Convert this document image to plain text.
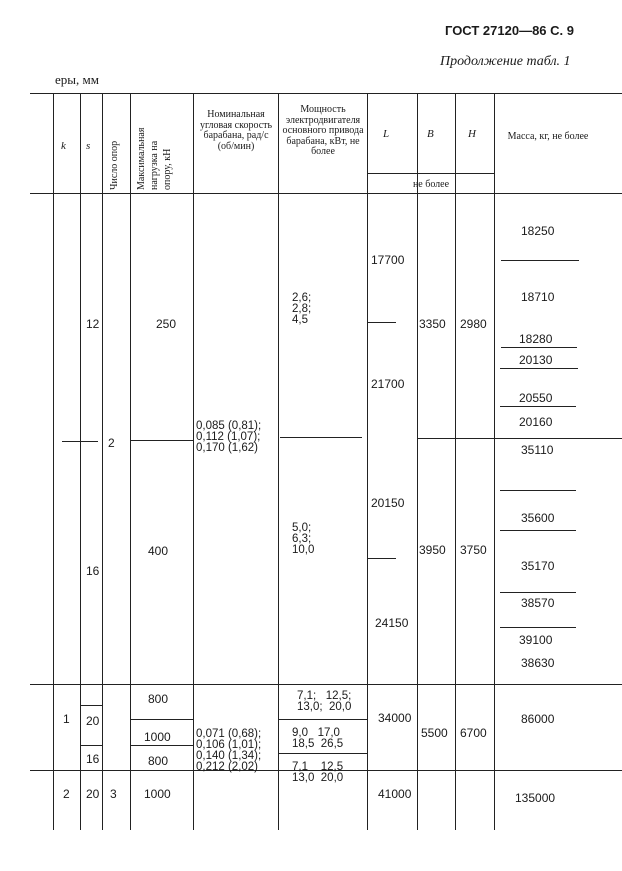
ГОСТ 27120—86 С. 9
Продолжение табл. 1
еры, мм
k s Число опор Максимальная нагрузка на опору, кН
Номинальная угловая скорость барабана, рад/с (об/мин)
Мощность электродвигателя основного привода барабана, кВт, не более
L	B	H
не более
Масса, кг, не более
12
16
20
16
20
2
3
1
2
250
400
800
1000
800
1000
0,085 (0,81);
0,112 (1,07);
0,170 (1,62)
0,071 (0,68);
0,106 (1,01);
0,140 (1,34);
0,212 (2,02)
2,6;
2,8;
4,5
5,0;
6,3;
10,0
7,1;   12,5;
13,0;  20,0
9,0   17,0
18,5  26,5
7,1    12,5
13,0  20,0
17700
21700
20150
24150
34000
41000
3350
3950
5500
2980
3750
6700
18250
18710
18280
20130
20550
20160
35110
35600
35170
38570
39100
38630
86000
135000
